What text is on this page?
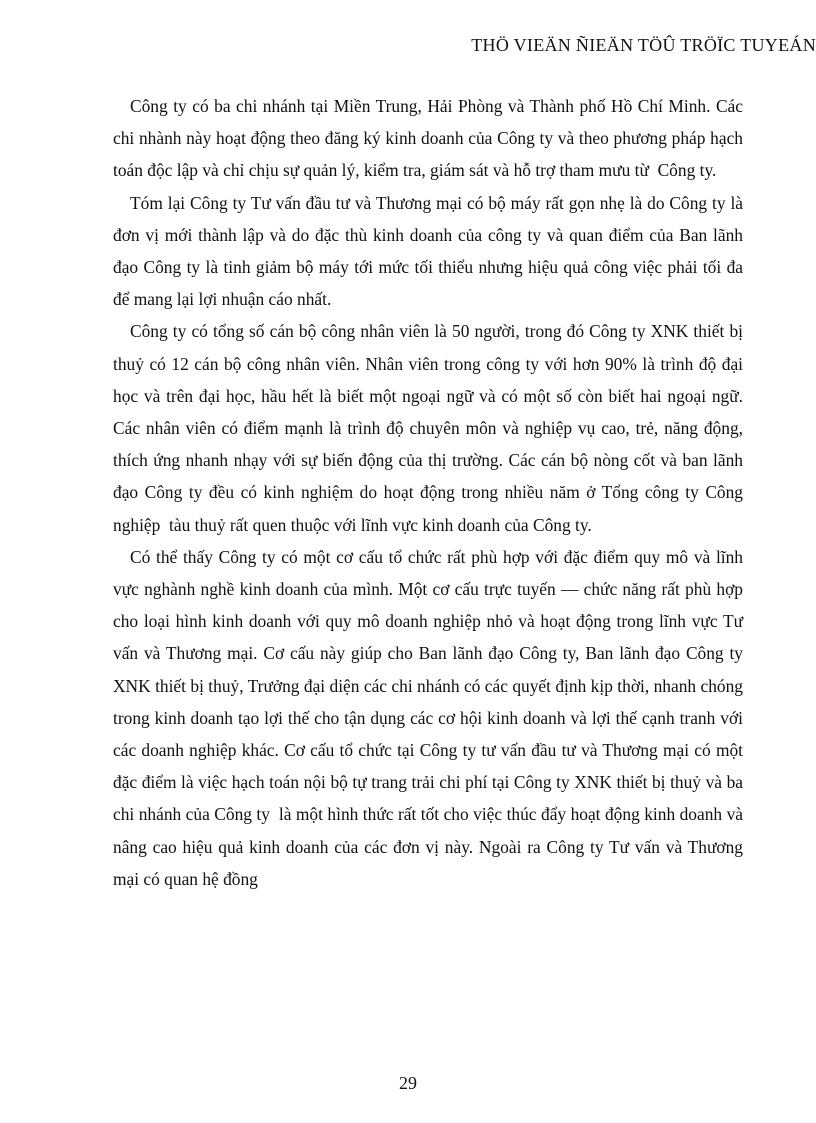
THÖ VIEÄN ÑIEÄN TÖÛ TRÖÏC TUYEÁN

Công ty có ba chi nhánh tại Miền Trung, Hải Phòng và Thành phố Hồ Chí Minh. Các chi nhành này hoạt động theo đăng ký kinh doanh của Công ty và theo phương pháp hạch toán độc lập và chỉ chịu sự quản lý, kiểm tra, giám sát và hỗ trợ tham mưu từ  Công ty.

Tóm lại Công ty Tư vấn đầu tư và Thương mại có bộ máy rất gọn nhẹ là do Công ty là đơn vị mới thành lập và do đặc thù kinh doanh của công ty và quan điểm của Ban lãnh đạo Công ty là tinh giảm bộ máy tới mức tối thiểu nhưng hiệu quả công việc phải tối đa để mang lại lợi nhuận cáo nhất.

Công ty có tổng số cán bộ công nhân viên là 50 người, trong đó Công ty XNK thiết bị thuỷ có 12 cán bộ công nhân viên. Nhân viên trong công ty với hơn 90% là trình độ đại học và trên đại học, hầu hết là biết một ngoại ngữ và có một số còn biết hai ngoại ngữ. Các nhân viên có điểm mạnh là trình độ chuyên môn và nghiệp vụ cao, trẻ, năng động, thích ứng nhanh nhạy với sự biến động của thị trường. Các cán bộ nòng cốt và ban lãnh đạo Công ty đều có kinh nghiệm do hoạt động trong nhiều năm ở Tổng công ty Công nghiệp  tàu thuỷ rất quen thuộc với lĩnh vực kinh doanh của Công ty.

Có thể thấy Công ty có một cơ cấu tổ chức rất phù hợp với đặc điểm quy mô và lĩnh vực nghành nghề kinh doanh của mình. Một cơ cấu trực tuyến — chức năng rất phù hợp cho loại hình kinh doanh với quy mô doanh nghiệp nhỏ và hoạt động trong lĩnh vực Tư vấn và Thương mại. Cơ cấu này giúp cho Ban lãnh đạo Công ty, Ban lãnh đạo Công ty XNK thiết bị thuỷ, Trưởng đại diện các chi nhánh có các quyết định kịp thời, nhanh chóng trong kinh doanh tạo lợi thế cho tận dụng các cơ hội kinh doanh và lợi thế cạnh tranh với các doanh nghiệp khác. Cơ cấu tổ chức tại Công ty tư vấn đầu tư và Thương mại có một đặc điểm là việc hạch toán nội bộ tự trang trải chi phí tại Công ty XNK thiết bị thuỷ và ba chi nhánh của Công ty  là một hình thức rất tốt cho việc thúc đẩy hoạt động kinh doanh và nâng cao hiệu quả kinh doanh của các đơn vị này. Ngoài ra Công ty Tư vấn và Thương mại có quan hệ đồng

29
